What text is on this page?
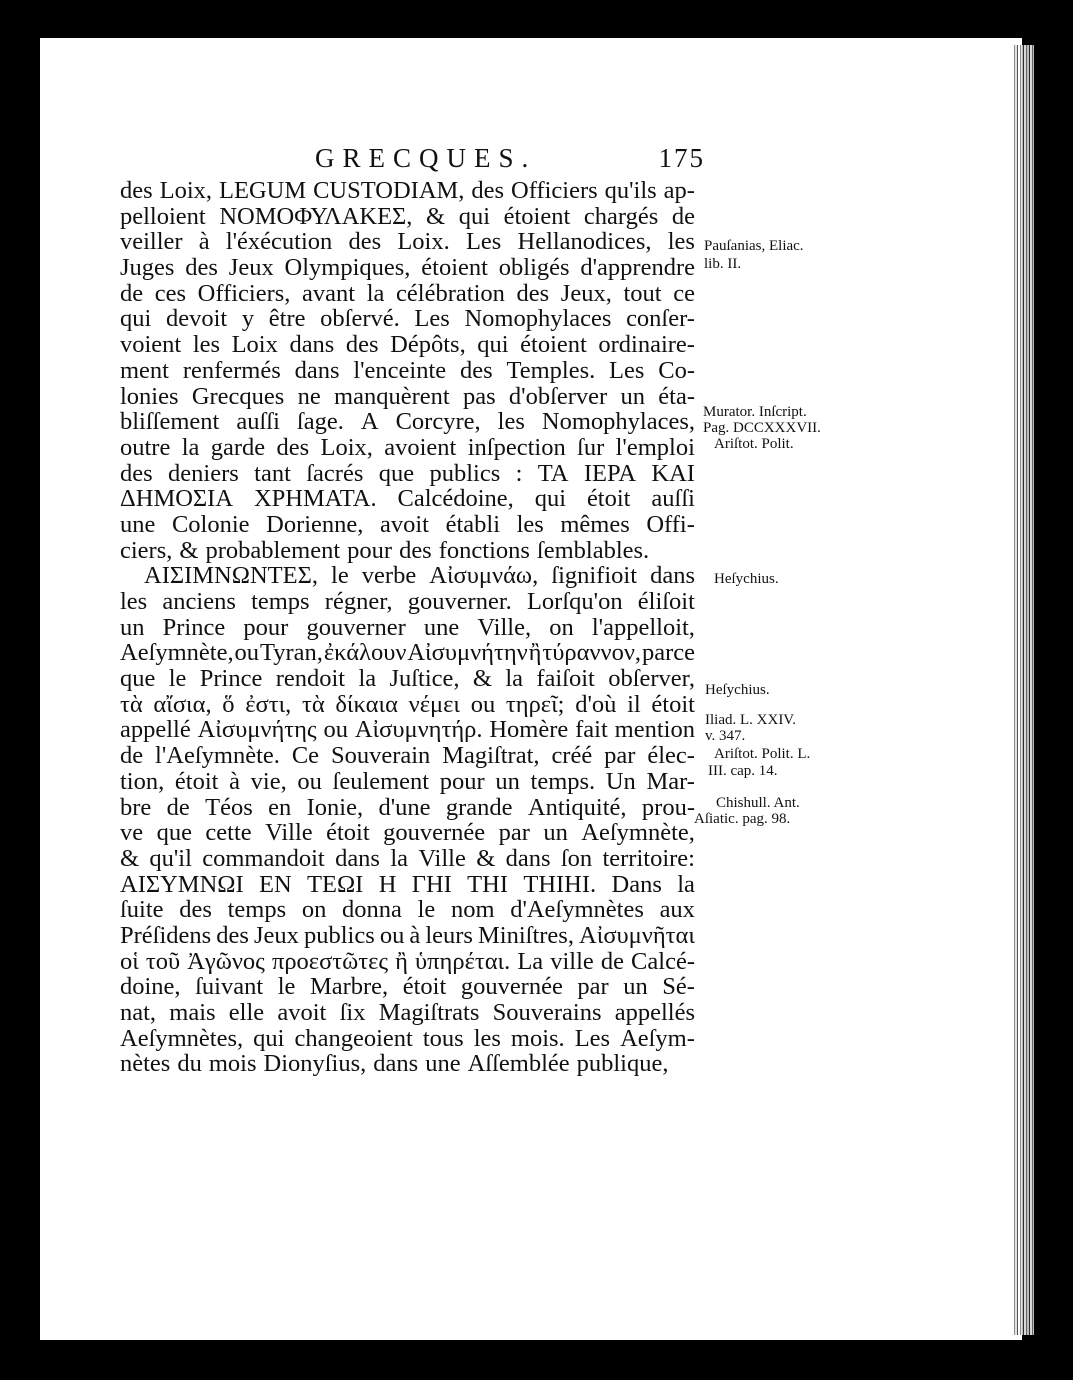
GRECQUES.	175
des Loix, LEGUM CUSTODIAM, des Officiers qu'ils ap-
pelloient ΝΟΜΟΦΥΛΑΚΕΣ, & qui étoient chargés de
veiller à l'éxécution des Loix. Les Hellanodices, les
Juges des Jeux Olympiques, étoient obligés d'apprendre
de ces Officiers, avant la célébration des Jeux, tout ce
qui devoit y être obſervé. Les Nomophylaces conſer-
voient les Loix dans des Dépôts, qui étoient ordinaire-
ment renfermés dans l'enceinte des Temples. Les Co-
lonies Grecques ne manquèrent pas d'obſerver un éta-
bliſſement auſſi ſage. A Corcyre, les Nomophylaces,
outre la garde des Loix, avoient inſpection ſur l'emploi
des deniers tant ſacrés que publics : ΤΑ ΙΕΡΑ ΚΑΙ
ΔΗΜΟΣΙΑ ΧΡΗΜΑΤΑ. Calcédoine, qui étoit auſſi
une Colonie Dorienne, avoit établi les mêmes Offi-
ciers, & probablement pour des fonctions ſemblables.
ΑΙΣΙΜΝΩΝΤΕΣ, le verbe Αἰσυμνάω, ſignifioit dans
les anciens temps régner, gouverner. Lorſqu'on éliſoit
un Prince pour gouverner une Ville, on l'appelloit,
Aeſymnète, ou Tyran, ἐκάλουν Αἰσυμνήτην ἢ τύραννον, parce
que le Prince rendoit la Juſtice, & la faiſoit obſerver,
τὰ αἴσια, ὅ ἐστι, τὰ δίκαια νέμει ou τηρεῖ; d'où il étoit
appellé Αἰσυμνήτης ou Αἰσυμνητήρ. Homère fait mention
de l'Aeſymnète. Ce Souverain Magiſtrat, créé par élec-
tion, étoit à vie, ou ſeulement pour un temps. Un Mar-
bre de Téos en Ionie, d'une grande Antiquité, prou-
ve que cette Ville étoit gouvernée par un Aeſymnète,
& qu'il commandoit dans la Ville & dans ſon territoire:
ΑΙΣΥΜΝΩΙ ΕΝ ΤΕΩΙ Η ΓΗΙ ΤΗΙ ΤΗΙΗΙ. Dans la
ſuite des temps on donna le nom d'Aeſymnètes aux
Préſidens des Jeux publics ou à leurs Miniſtres, Αἰσυμνῆται
οἱ τοῦ Ἀγῶνος προεστῶτες ἢ ὑπηρέται. La ville de Calcé-
doine, ſuivant le Marbre, étoit gouvernée par un Sé-
nat, mais elle avoit ſix Magiſtrats Souverains appellés
Aeſymnètes, qui changeoient tous les mois. Les Aeſym-
nètes du mois Dionyſius, dans une Aſſemblée publique,
Pauſanias, Eliac.
lib. II.
Murator. Inſcript.
Pag. DCCXXXVII.
Ariſtot. Polit.
Heſychius.
Heſychius.
Iliad. L. XXIV.
v. 347.
Ariſtot. Polit. L.
III. cap. 14.
Chishull. Ant.
Aſiatic. pag. 98.
